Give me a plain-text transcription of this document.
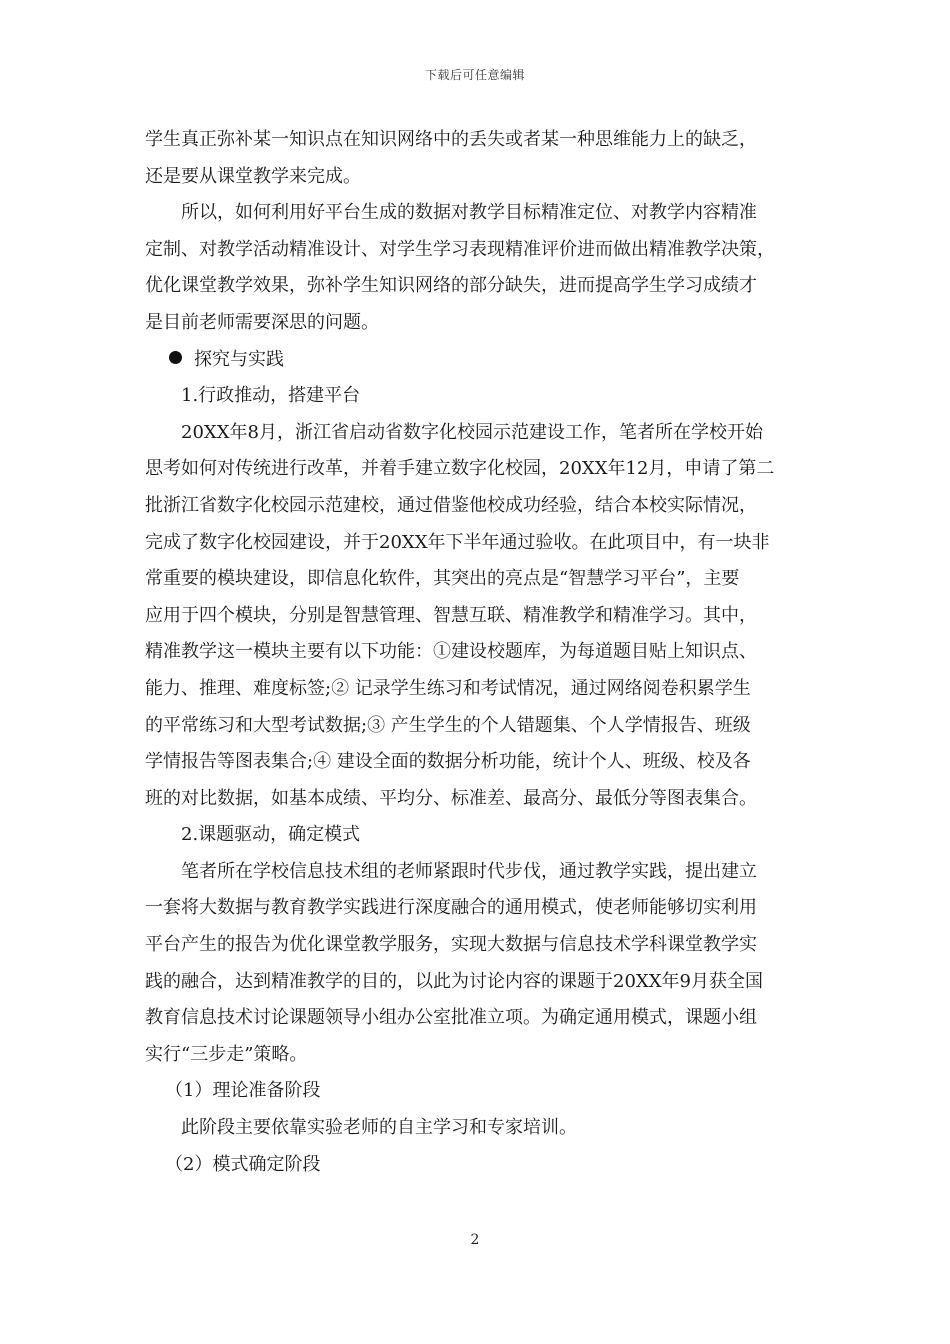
下载后可任意编辑
学生真正弥补某一知识点在知识网络中的丢失或者某一种思维能力上的缺乏，
还是要从课堂教学来完成。
所以，如何利用好平台生成的数据对教学目标精准定位、对教学内容精准
定制、对教学活动精准设计、对学生学习表现精准评价进而做出精准教学决策，
优化课堂教学效果，弥补学生知识网络的部分缺失，进而提高学生学习成绩才
是目前老师需要深思的问题。
探究与实践
1.行政推动，搭建平台
20XX年8月，浙江省启动省数字化校园示范建设工作，笔者所在学校开始
思考如何对传统进行改革，并着手建立数字化校园，20XX年12月，申请了第二
批浙江省数字化校园示范建校，通过借鉴他校成功经验，结合本校实际情况，
完成了数字化校园建设，并于20XX年下半年通过验收。在此项目中，有一块非
常重要的模块建设，即信息化软件，其突出的亮点是“智慧学习平台”，主要
应用于四个模块，分别是智慧管理、智慧互联、精准教学和精准学习。其中，
精准教学这一模块主要有以下功能：①建设校题库，为每道题目贴上知识点、
能力、推理、难度标签;② 记录学生练习和考试情况，通过网络阅卷积累学生
的平常练习和大型考试数据;③ 产生学生的个人错题集、个人学情报告、班级
学情报告等图表集合;④ 建设全面的数据分析功能，统计个人、班级、校及各
班的对比数据，如基本成绩、平均分、标准差、最高分、最低分等图表集合。
2.课题驱动，确定模式
笔者所在学校信息技术组的老师紧跟时代步伐，通过教学实践，提出建立
一套将大数据与教育教学实践进行深度融合的通用模式，使老师能够切实利用
平台产生的报告为优化课堂教学服务，实现大数据与信息技术学科课堂教学实
践的融合，达到精准教学的目的，以此为讨论内容的课题于20XX年9月获全国
教育信息技术讨论课题领导小组办公室批准立项。为确定通用模式，课题小组
实行“三步走”策略。
（1）理论准备阶段
此阶段主要依靠实验老师的自主学习和专家培训。
（2）模式确定阶段
2
